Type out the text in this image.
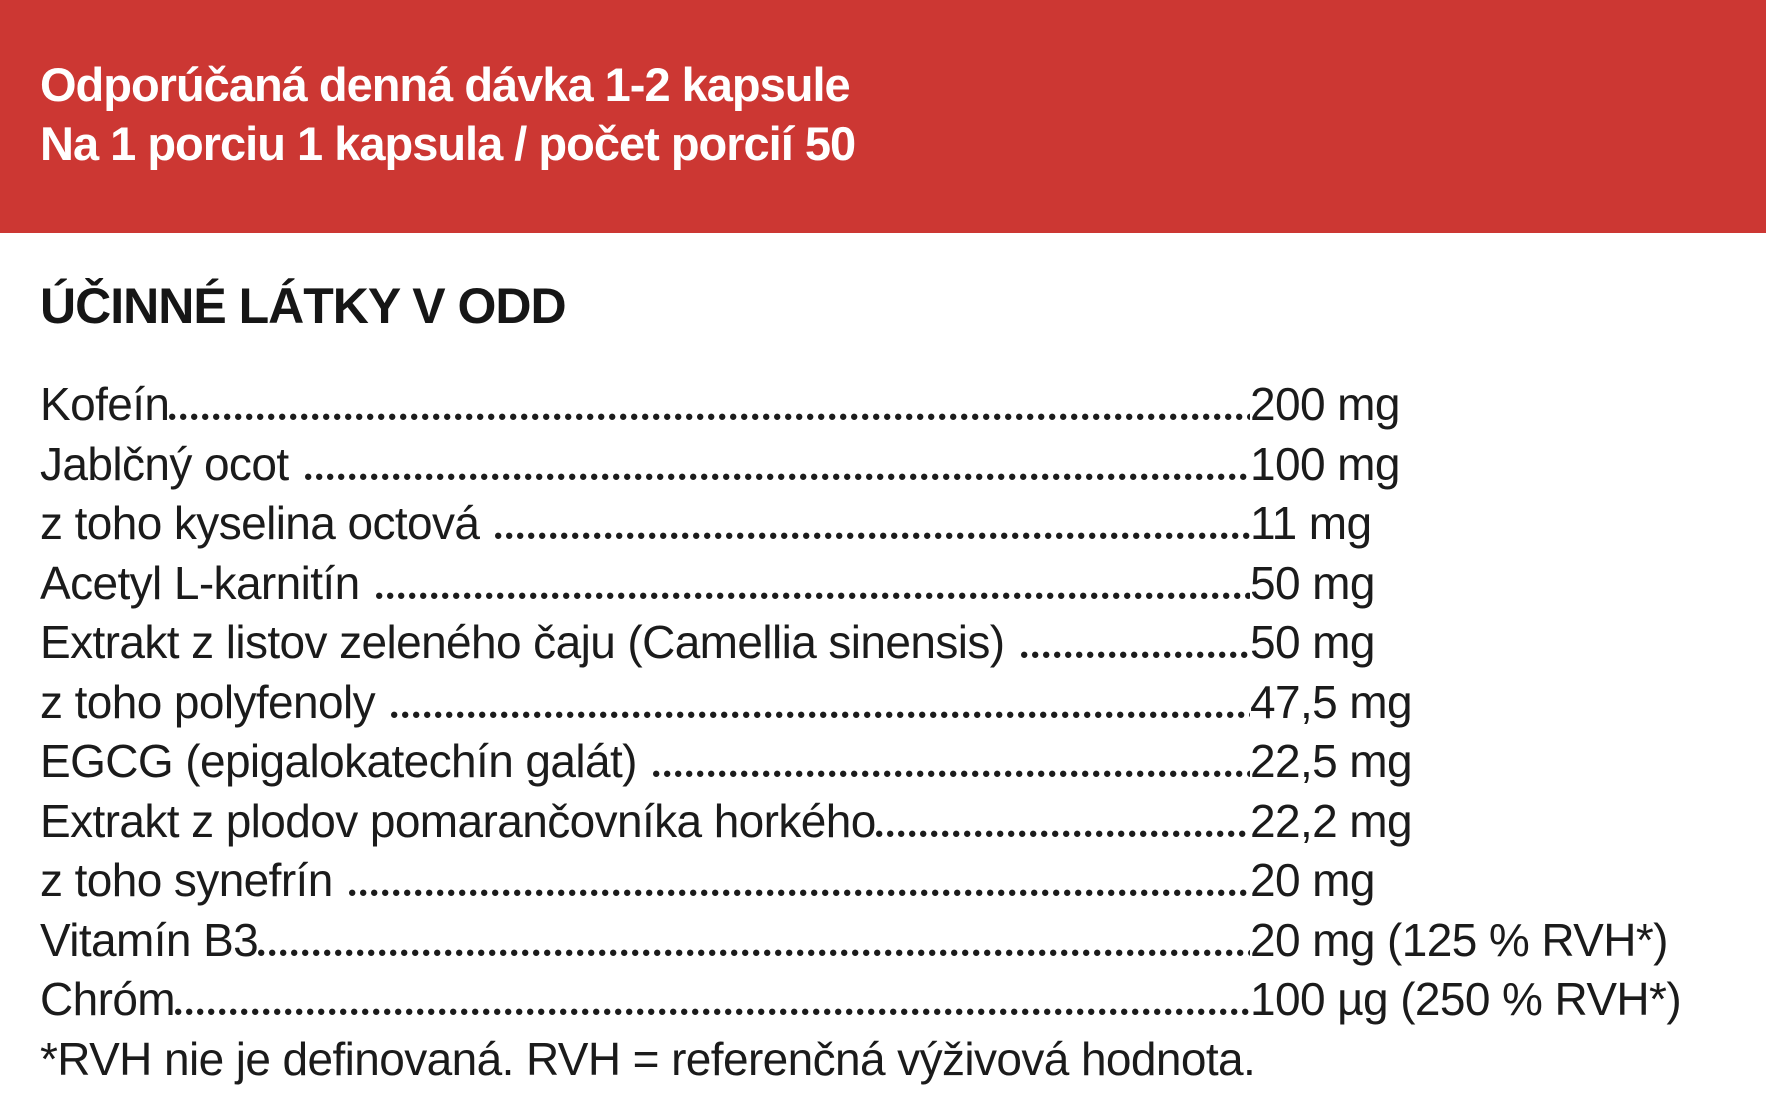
Odporúčaná denná dávka 1-2 kapsule
Na 1 porciu 1 kapsula / počet porcií 50
ÚČINNÉ LÁTKY V ODD
Kofeín	200 mg
Jablčný ocot	100 mg
z toho kyselina octová	11 mg
Acetyl L-karnitín	50 mg
Extrakt z listov zeleného čaju (Camellia sinensis)	50 mg
z toho polyfenoly	47,5 mg
EGCG (epigalokatechín galát)	22,5 mg
Extrakt z plodov pomarančovníka horkého	22,2 mg
z toho synefrín	20 mg
Vitamín B3	20 mg (125 % RVH*)
Chróm	100 µg (250 % RVH*)

*RVH nie je definovaná. RVH = referenčná výživová hodnota.
